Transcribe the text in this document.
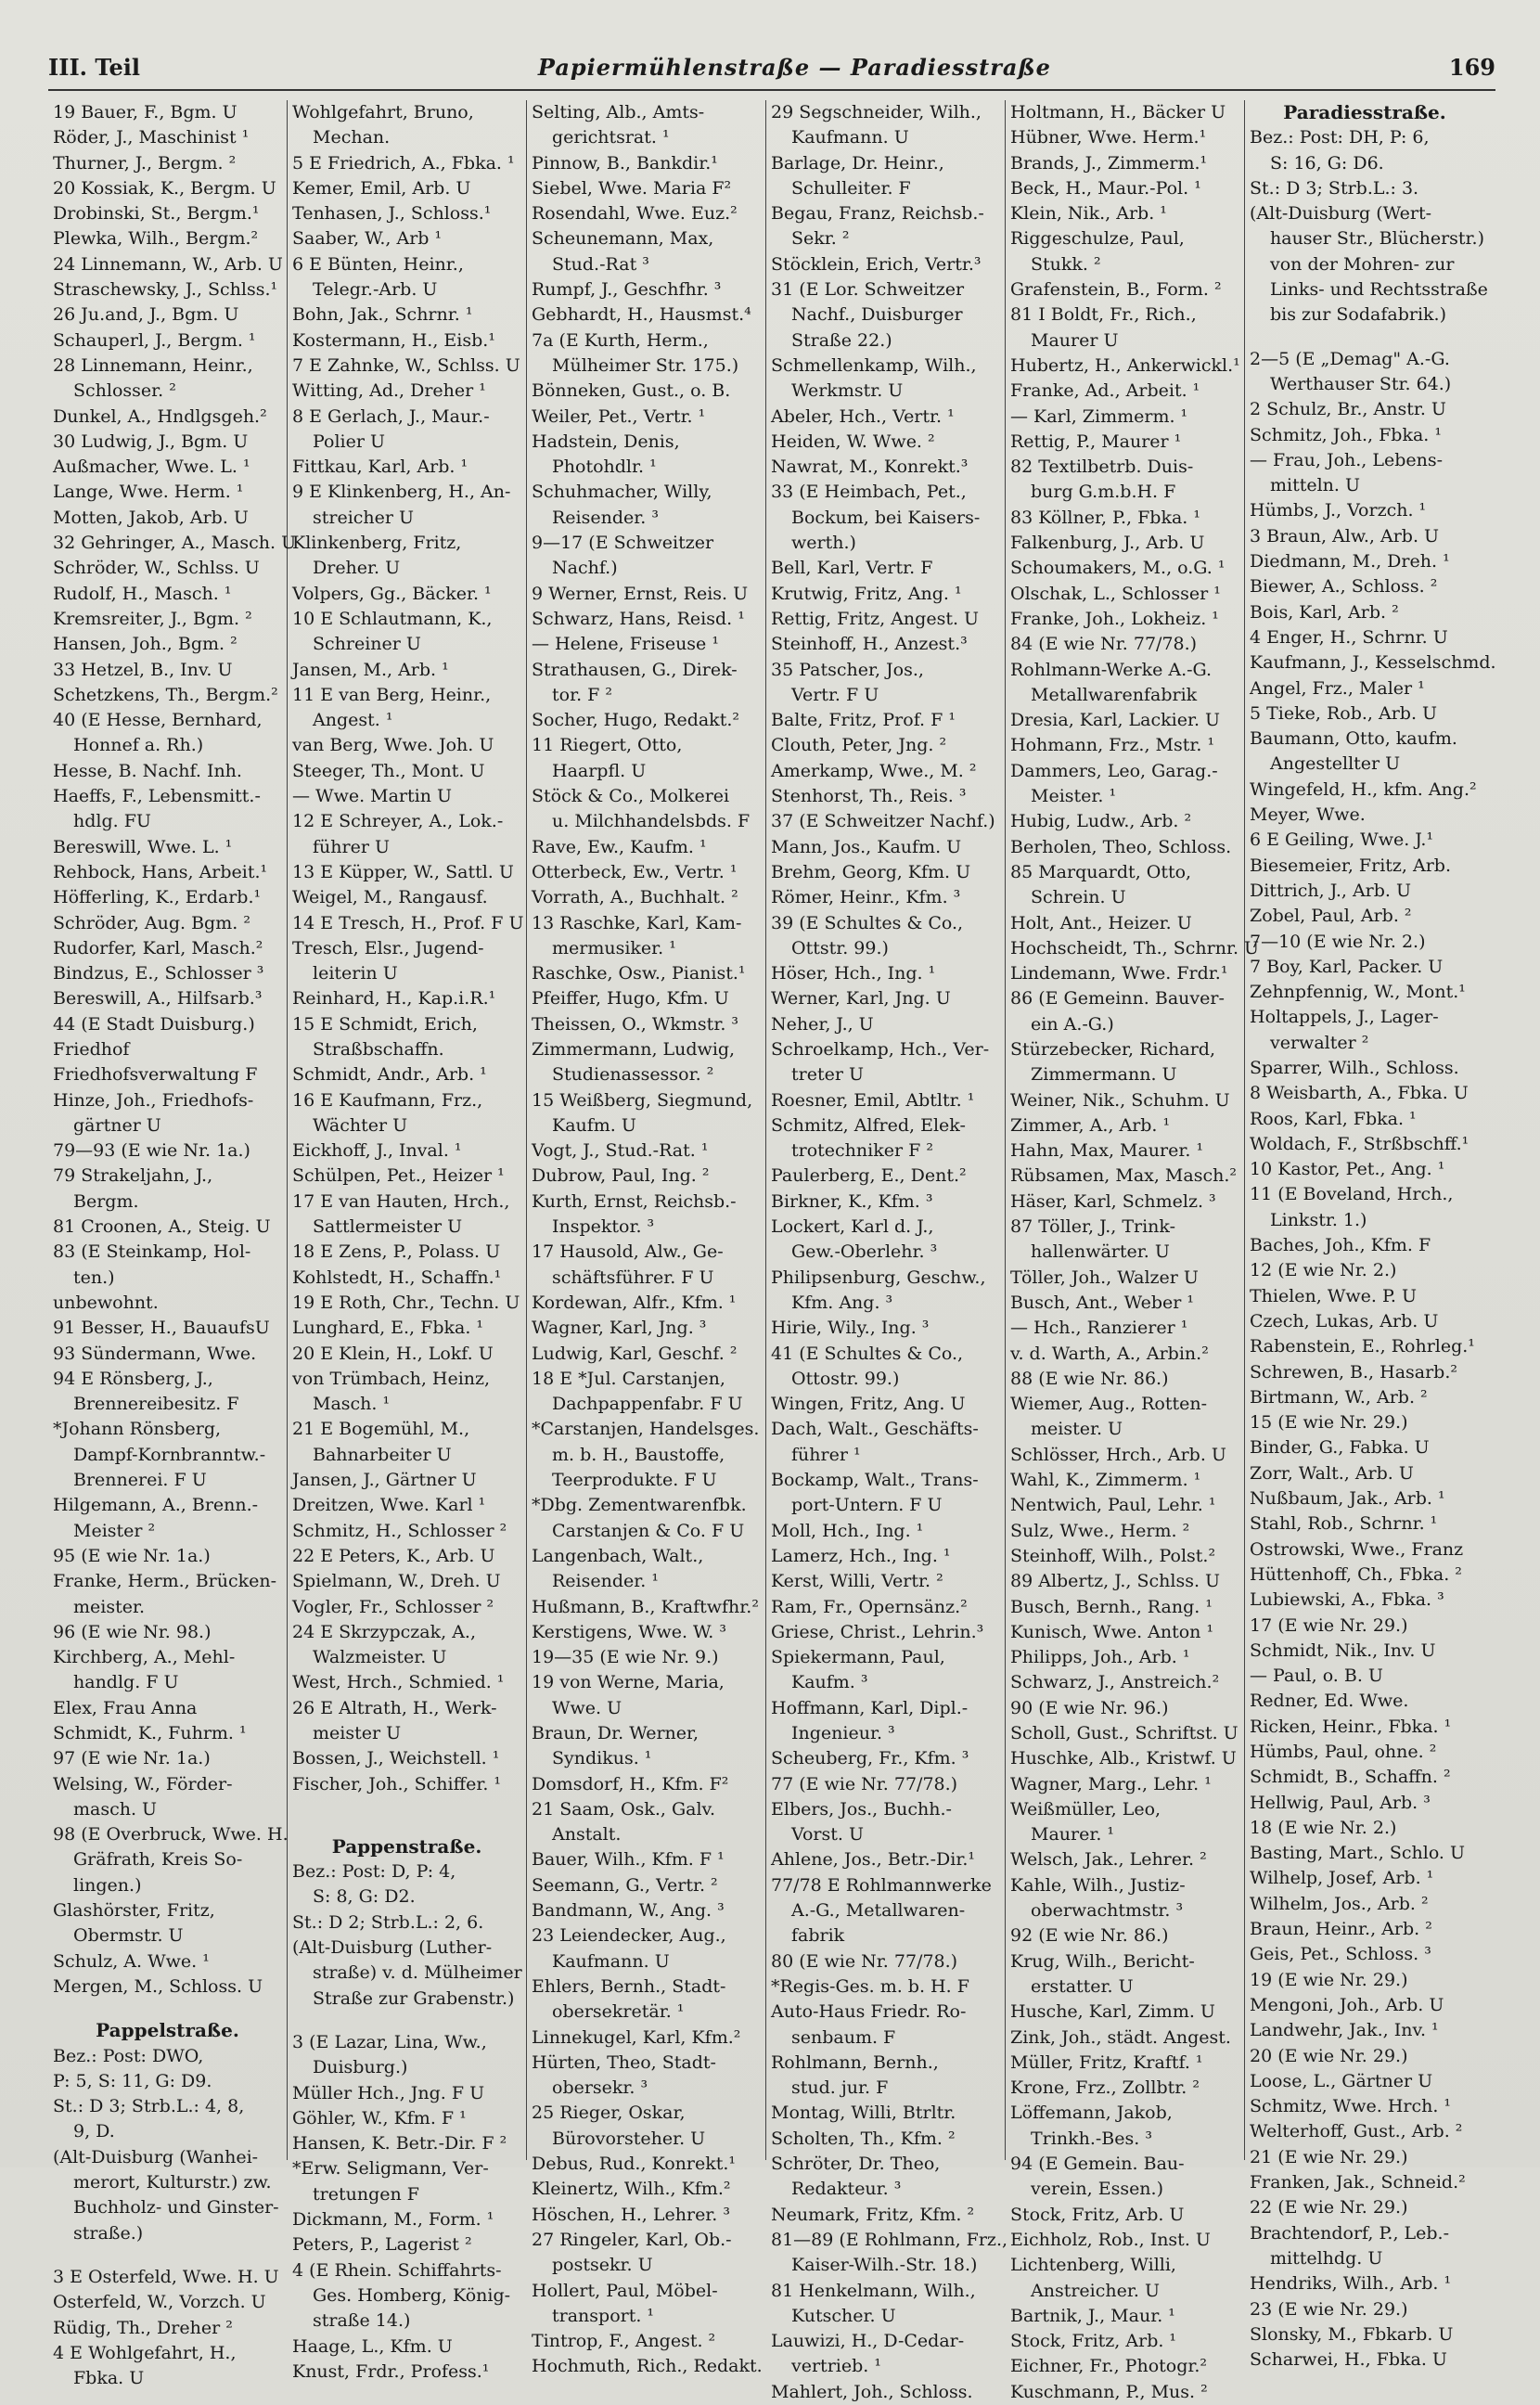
III. Teil	Papiermühlenstraße — Paradiesstraße	169
19 Bauer, F., Bgm. U
Röder, J., Maschinist ¹
Thurner, J., Bergm. ²
20 Kossiak, K., Bergm. U
Drobinski, St., Bergm.¹
Plewka, Wilh., Bergm.²
24 Linnemann, W., Arb. U
Straschewsky, J., Schlss.¹
26 Ju.and, J., Bgm. U
Schauperl, J., Bergm. ¹
28 Linnemann, Heinr.,
Schlosser. ²
Dunkel, A., Hndlgsgeh.²
30 Ludwig, J., Bgm. U
Außmacher, Wwe. L. ¹
Lange, Wwe. Herm. ¹
Motten, Jakob, Arb. U
32 Gehringer, A., Masch. U
Schröder, W., Schlss. U
Rudolf, H., Masch. ¹
Kremsreiter, J., Bgm. ²
Hansen, Joh., Bgm. ²
33 Hetzel, B., Inv. U
Schetzkens, Th., Bergm.²
40 (E Hesse, Bernhard,
Honnef a. Rh.)
Hesse, B. Nachf. Inh.
Haeffs, F., Lebensmitt.-
hdlg. FU
Bereswill, Wwe. L. ¹
Rehbock, Hans, Arbeit.¹
Höfferling, K., Erdarb.¹
Schröder, Aug. Bgm. ²
Rudorfer, Karl, Masch.²
Bindzus, E., Schlosser ³
Bereswill, A., Hilfsarb.³
44 (E Stadt Duisburg.)
Friedhof
Friedhofsverwaltung F
Hinze, Joh., Friedhofs-
gärtner U
79—93 (E wie Nr. 1a.)
79 Strakeljahn, J.,
Bergm.
81 Croonen, A., Steig. U
83 (E Steinkamp, Hol-
ten.)
unbewohnt.
91 Besser, H., BauaufsU
93 Sündermann, Wwe.
94 E Rönsberg, J.,
Brennereibesitz. F
*Johann Rönsberg,
Dampf-Kornbranntw.-
Brennerei. F U
Hilgemann, A., Brenn.-
Meister ²
95 (E wie Nr. 1a.)
Franke, Herm., Brücken-
meister.
96 (E wie Nr. 98.)
Kirchberg, A., Mehl-
handlg. F U
Elex, Frau Anna
Schmidt, K., Fuhrm. ¹
97 (E wie Nr. 1a.)
Welsing, W., Förder-
masch. U
98 (E Overbruck, Wwe. H.
Gräfrath, Kreis So-
lingen.)
Glashörster, Fritz,
Obermstr. U
Schulz, A. Wwe. ¹
Mergen, M., Schloss. U
Pappelstraße.
Bez.: Post: DWO,
P: 5, S: 11, G: D9.
St.: D 3; Strb.L.: 4, 8,
9, D.
(Alt-Duisburg (Wanhei-
merort, Kulturstr.) zw.
Buchholz- und Ginster-
straße.)
3 E Osterfeld, Wwe. H. U
Osterfeld, W., Vorzch. U
Rüdig, Th., Dreher ²
4 E Wohlgefahrt, H.,
Fbka. U
Wohlgefahrt, Bruno,
Mechan.
5 E Friedrich, A., Fbka. ¹
Kemer, Emil, Arb. U
Tenhasen, J., Schloss.¹
Saaber, W., Arb ¹
6 E Bünten, Heinr.,
Telegr.-Arb. U
Bohn, Jak., Schrnr. ¹
Kostermann, H., Eisb.¹
7 E Zahnke, W., Schlss. U
Witting, Ad., Dreher ¹
8 E Gerlach, J., Maur.-
Polier U
Fittkau, Karl, Arb. ¹
9 E Klinkenberg, H., An-
streicher U
Klinkenberg, Fritz,
Dreher. U
Volpers, Gg., Bäcker. ¹
10 E Schlautmann, K.,
Schreiner U
Jansen, M., Arb. ¹
11 E van Berg, Heinr.,
Angest. ¹
van Berg, Wwe. Joh. U
Steeger, Th., Mont. U
— Wwe. Martin U
12 E Schreyer, A., Lok.-
führer U
13 E Küpper, W., Sattl. U
Weigel, M., Rangausf.
14 E Tresch, H., Prof. F U
Tresch, Elsr., Jugend-
leiterin U
Reinhard, H., Kap.i.R.¹
15 E Schmidt, Erich,
Straßbschaffn.
Schmidt, Andr., Arb. ¹
16 E Kaufmann, Frz.,
Wächter U
Eickhoff, J., Inval. ¹
Schülpen, Pet., Heizer ¹
17 E van Hauten, Hrch.,
Sattlermeister U
18 E Zens, P., Polass. U
Kohlstedt, H., Schaffn.¹
19 E Roth, Chr., Techn. U
Lunghard, E., Fbka. ¹
20 E Klein, H., Lokf. U
von Trümbach, Heinz,
Masch. ¹
21 E Bogemühl, M.,
Bahnarbeiter U
Jansen, J., Gärtner U
Dreitzen, Wwe. Karl ¹
Schmitz, H., Schlosser ²
22 E Peters, K., Arb. U
Spielmann, W., Dreh. U
Vogler, Fr., Schlosser ²
24 E Skrzypczak, A.,
Walzmeister. U
West, Hrch., Schmied. ¹
26 E Altrath, H., Werk-
meister U
Bossen, J., Weichstell. ¹
Fischer, Joh., Schiffer. ¹
Pappenstraße.
Bez.: Post: D, P: 4,
S: 8, G: D2.
St.: D 2; Strb.L.: 2, 6.
(Alt-Duisburg (Luther-
straße) v. d. Mülheimer
Straße zur Grabenstr.)
3 (E Lazar, Lina, Ww.,
Duisburg.)
Müller Hch., Jng. F U
Göhler, W., Kfm. F ¹
Hansen, K. Betr.-Dir. F ²
*Erw. Seligmann, Ver-
tretungen F
Dickmann, M., Form. ¹
Peters, P., Lagerist ²
4 (E Rhein. Schiffahrts-
Ges. Homberg, König-
straße 14.)
Haage, L., Kfm. U
Knust, Frdr., Profess.¹
Selting, Alb., Amts-
gerichtsrat. ¹
Pinnow, B., Bankdir.¹
Siebel, Wwe. Maria F²
Rosendahl, Wwe. Euz.²
Scheunemann, Max,
Stud.-Rat ³
Rumpf, J., Geschfhr. ³
Gebhardt, H., Hausmst.⁴
7a (E Kurth, Herm.,
Mülheimer Str. 175.)
Bönneken, Gust., o. B.
Weiler, Pet., Vertr. ¹
Hadstein, Denis,
Photohdlr. ¹
Schuhmacher, Willy,
Reisender. ³
9—17 (E Schweitzer
Nachf.)
9 Werner, Ernst, Reis. U
Schwarz, Hans, Reisd. ¹
— Helene, Friseuse ¹
Strathausen, G., Direk-
tor. F ²
Socher, Hugo, Redakt.²
11 Riegert, Otto,
Haarpfl. U
Stöck & Co., Molkerei
u. Milchhandelsbds. F
Rave, Ew., Kaufm. ¹
Otterbeck, Ew., Vertr. ¹
Vorrath, A., Buchhalt. ²
13 Raschke, Karl, Kam-
mermusiker. ¹
Raschke, Osw., Pianist.¹
Pfeiffer, Hugo, Kfm. U
Theissen, O., Wkmstr. ³
Zimmermann, Ludwig,
Studienassessor. ²
15 Weißberg, Siegmund,
Kaufm. U
Vogt, J., Stud.-Rat. ¹
Dubrow, Paul, Ing. ²
Kurth, Ernst, Reichsb.-
Inspektor. ³
17 Hausold, Alw., Ge-
schäftsführer. F U
Kordewan, Alfr., Kfm. ¹
Wagner, Karl, Jng. ³
Ludwig, Karl, Geschf. ²
18 E *Jul. Carstanjen,
Dachpappenfabr. F U
*Carstanjen, Handelsges.
m. b. H., Baustoffe,
Teerprodukte. F U
*Dbg. Zementwarenfbk.
Carstanjen & Co. F U
Langenbach, Walt.,
Reisender. ¹
Hußmann, B., Kraftwfhr.²
Kerstigens, Wwe. W. ³
19—35 (E wie Nr. 9.)
19 von Werne, Maria,
Wwe. U
Braun, Dr. Werner,
Syndikus. ¹
Domsdorf, H., Kfm. F²
21 Saam, Osk., Galv.
Anstalt.
Bauer, Wilh., Kfm. F ¹
Seemann, G., Vertr. ²
Bandmann, W., Ang. ³
23 Leiendecker, Aug.,
Kaufmann. U
Ehlers, Bernh., Stadt-
obersekretär. ¹
Linnekugel, Karl, Kfm.²
Hürten, Theo, Stadt-
obersekr. ³
25 Rieger, Oskar,
Bürovorsteher. U
Debus, Rud., Konrekt.¹
Kleinertz, Wilh., Kfm.²
Höschen, H., Lehrer. ³
27 Ringeler, Karl, Ob.-
postsekr. U
Hollert, Paul, Möbel-
transport. ¹
Tintrop, F., Angest. ²
Hochmuth, Rich., Redakt.
29 Segschneider, Wilh.,
Kaufmann. U
Barlage, Dr. Heinr.,
Schulleiter. F
Begau, Franz, Reichsb.-
Sekr. ²
Stöcklein, Erich, Vertr.³
31 (E Lor. Schweitzer
Nachf., Duisburger
Straße 22.)
Schmellenkamp, Wilh.,
Werkmstr. U
Abeler, Hch., Vertr. ¹
Heiden, W. Wwe. ²
Nawrat, M., Konrekt.³
33 (E Heimbach, Pet.,
Bockum, bei Kaisers-
werth.)
Bell, Karl, Vertr. F
Krutwig, Fritz, Ang. ¹
Rettig, Fritz, Angest. U
Steinhoff, H., Anzest.³
35 Patscher, Jos.,
Vertr. F U
Balte, Fritz, Prof. F ¹
Clouth, Peter, Jng. ²
Amerkamp, Wwe., M. ²
Stenhorst, Th., Reis. ³
37 (E Schweitzer Nachf.)
Mann, Jos., Kaufm. U
Brehm, Georg, Kfm. U
Römer, Heinr., Kfm. ³
39 (E Schultes & Co.,
Ottstr. 99.)
Höser, Hch., Ing. ¹
Werner, Karl, Jng. U
Neher, J., U
Schroelkamp, Hch., Ver-
treter U
Roesner, Emil, Abtltr. ¹
Schmitz, Alfred, Elek-
trotechniker F ²
Paulerberg, E., Dent.²
Birkner, K., Kfm. ³
Lockert, Karl d. J.,
Gew.-Oberlehr. ³
Philipsenburg, Geschw.,
Kfm. Ang. ³
Hirie, Wily., Ing. ³
41 (E Schultes & Co.,
Ottostr. 99.)
Wingen, Fritz, Ang. U
Dach, Walt., Geschäfts-
führer ¹
Bockamp, Walt., Trans-
port-Untern. F U
Moll, Hch., Ing. ¹
Lamerz, Hch., Ing. ¹
Kerst, Willi, Vertr. ²
Ram, Fr., Opernsänz.²
Griese, Christ., Lehrin.³
Spiekermann, Paul,
Kaufm. ³
Hoffmann, Karl, Dipl.-
Ingenieur. ³
Scheuberg, Fr., Kfm. ³
77 (E wie Nr. 77/78.)
Elbers, Jos., Buchh.-
Vorst. U
Ahlene, Jos., Betr.-Dir.¹
77/78 E Rohlmannwerke
A.-G., Metallwaren-
fabrik
80 (E wie Nr. 77/78.)
*Regis-Ges. m. b. H. F
Auto-Haus Friedr. Ro-
senbaum. F
Rohlmann, Bernh.,
stud. jur. F
Montag, Willi, Btrltr.
Scholten, Th., Kfm. ²
Schröter, Dr. Theo,
Redakteur. ³
Neumark, Fritz, Kfm. ²
81—89 (E Rohlmann, Frz.,
Kaiser-Wilh.-Str. 18.)
81 Henkelmann, Wilh.,
Kutscher. U
Lauwizi, H., D-Cedar-
vertrieb. ¹
Mahlert, Joh., Schloss.
Holtmann, H., Bäcker U
Hübner, Wwe. Herm.¹
Brands, J., Zimmerm.¹
Beck, H., Maur.-Pol. ¹
Klein, Nik., Arb. ¹
Riggeschulze, Paul,
Stukk. ²
Grafenstein, B., Form. ²
81 I Boldt, Fr., Rich.,
Maurer U
Hubertz, H., Ankerwickl.¹
Franke, Ad., Arbeit. ¹
— Karl, Zimmerm. ¹
Rettig, P., Maurer ¹
82 Textilbetrb. Duis-
burg G.m.b.H. F
83 Köllner, P., Fbka. ¹
Falkenburg, J., Arb. U
Schoumakers, M., o.G. ¹
Olschak, L., Schlosser ¹
Franke, Joh., Lokheiz. ¹
84 (E wie Nr. 77/78.)
Rohlmann-Werke A.-G.
Metallwarenfabrik
Dresia, Karl, Lackier. U
Hohmann, Frz., Mstr. ¹
Dammers, Leo, Garag.-
Meister. ¹
Hubig, Ludw., Arb. ²
Berholen, Theo, Schloss.
85 Marquardt, Otto,
Schrein. U
Holt, Ant., Heizer. U
Hochscheidt, Th., Schrnr. U
Lindemann, Wwe. Frdr.¹
86 (E Gemeinn. Bauver-
ein A.-G.)
Stürzebecker, Richard,
Zimmermann. U
Weiner, Nik., Schuhm. U
Zimmer, A., Arb. ¹
Hahn, Max, Maurer. ¹
Rübsamen, Max, Masch.²
Häser, Karl, Schmelz. ³
87 Töller, J., Trink-
hallenwärter. U
Töller, Joh., Walzer U
Busch, Ant., Weber ¹
— Hch., Ranzierer ¹
v. d. Warth, A., Arbin.²
88 (E wie Nr. 86.)
Wiemer, Aug., Rotten-
meister. U
Schlösser, Hrch., Arb. U
Wahl, K., Zimmerm. ¹
Nentwich, Paul, Lehr. ¹
Sulz, Wwe., Herm. ²
Steinhoff, Wilh., Polst.²
89 Albertz, J., Schlss. U
Busch, Bernh., Rang. ¹
Kunisch, Wwe. Anton ¹
Philipps, Joh., Arb. ¹
Schwarz, J., Anstreich.²
90 (E wie Nr. 96.)
Scholl, Gust., Schriftst. U
Huschke, Alb., Kristwf. U
Wagner, Marg., Lehr. ¹
Weißmüller, Leo,
Maurer. ¹
Welsch, Jak., Lehrer. ²
Kahle, Wilh., Justiz-
oberwachtmstr. ³
92 (E wie Nr. 86.)
Krug, Wilh., Bericht-
erstatter. U
Husche, Karl, Zimm. U
Zink, Joh., städt. Angest.
Müller, Fritz, Kraftf. ¹
Krone, Frz., Zollbtr. ²
Löffemann, Jakob,
Trinkh.-Bes. ³
94 (E Gemein. Bau-
verein, Essen.)
Stock, Fritz, Arb. U
Eichholz, Rob., Inst. U
Lichtenberg, Willi,
Anstreicher. U
Bartnik, J., Maur. ¹
Stock, Fritz, Arb. ¹
Eichner, Fr., Photogr.²
Kuschmann, P., Mus. ²
Paradiesstraße.
Bez.: Post: DH, P: 6,
S: 16, G: D6.
St.: D 3; Strb.L.: 3.
(Alt-Duisburg (Wert-
hauser Str., Blücherstr.)
von der Mohren- zur
Links- und Rechtsstraße
bis zur Sodafabrik.)
2—5 (E „Demag" A.-G.
Werthauser Str. 64.)
2 Schulz, Br., Anstr. U
Schmitz, Joh., Fbka. ¹
— Frau, Joh., Lebens-
mitteln. U
Hümbs, J., Vorzch. ¹
3 Braun, Alw., Arb. U
Diedmann, M., Dreh. ¹
Biewer, A., Schloss. ²
Bois, Karl, Arb. ²
4 Enger, H., Schrnr. U
Kaufmann, J., Kesselschmd.
Angel, Frz., Maler ¹
5 Tieke, Rob., Arb. U
Baumann, Otto, kaufm.
Angestellter U
Wingefeld, H., kfm. Ang.²
Meyer, Wwe.
6 E Geiling, Wwe. J.¹
Biesemeier, Fritz, Arb.
Dittrich, J., Arb. U
Zobel, Paul, Arb. ²
7—10 (E wie Nr. 2.)
7 Boy, Karl, Packer. U
Zehnpfennig, W., Mont.¹
Holtappels, J., Lager-
verwalter ²
Sparrer, Wilh., Schloss.
8 Weisbarth, A., Fbka. U
Roos, Karl, Fbka. ¹
Woldach, F., Strßbschff.¹
10 Kastor, Pet., Ang. ¹
11 (E Boveland, Hrch.,
Linkstr. 1.)
Baches, Joh., Kfm. F
12 (E wie Nr. 2.)
Thielen, Wwe. P. U
Czech, Lukas, Arb. U
Rabenstein, E., Rohrleg.¹
Schrewen, B., Hasarb.²
Birtmann, W., Arb. ²
15 (E wie Nr. 29.)
Binder, G., Fabka. U
Zorr, Walt., Arb. U
Nußbaum, Jak., Arb. ¹
Stahl, Rob., Schrnr. ¹
Ostrowski, Wwe., Franz
Hüttenhoff, Ch., Fbka. ²
Lubiewski, A., Fbka. ³
17 (E wie Nr. 29.)
Schmidt, Nik., Inv. U
— Paul, o. B. U
Redner, Ed. Wwe.
Ricken, Heinr., Fbka. ¹
Hümbs, Paul, ohne. ²
Schmidt, B., Schaffn. ²
Hellwig, Paul, Arb. ³
18 (E wie Nr. 2.)
Basting, Mart., Schlo. U
Wilhelp, Josef, Arb. ¹
Wilhelm, Jos., Arb. ²
Braun, Heinr., Arb. ²
Geis, Pet., Schloss. ³
19 (E wie Nr. 29.)
Mengoni, Joh., Arb. U
Landwehr, Jak., Inv. ¹
20 (E wie Nr. 29.)
Loose, L., Gärtner U
Schmitz, Wwe. Hrch. ¹
Welterhoff, Gust., Arb. ²
21 (E wie Nr. 29.)
Franken, Jak., Schneid.²
22 (E wie Nr. 29.)
Brachtendorf, P., Leb.-
mittelhdg. U
Hendriks, Wilh., Arb. ¹
23 (E wie Nr. 29.)
Slonsky, M., Fbkarb. U
Scharwei, H., Fbka. U
